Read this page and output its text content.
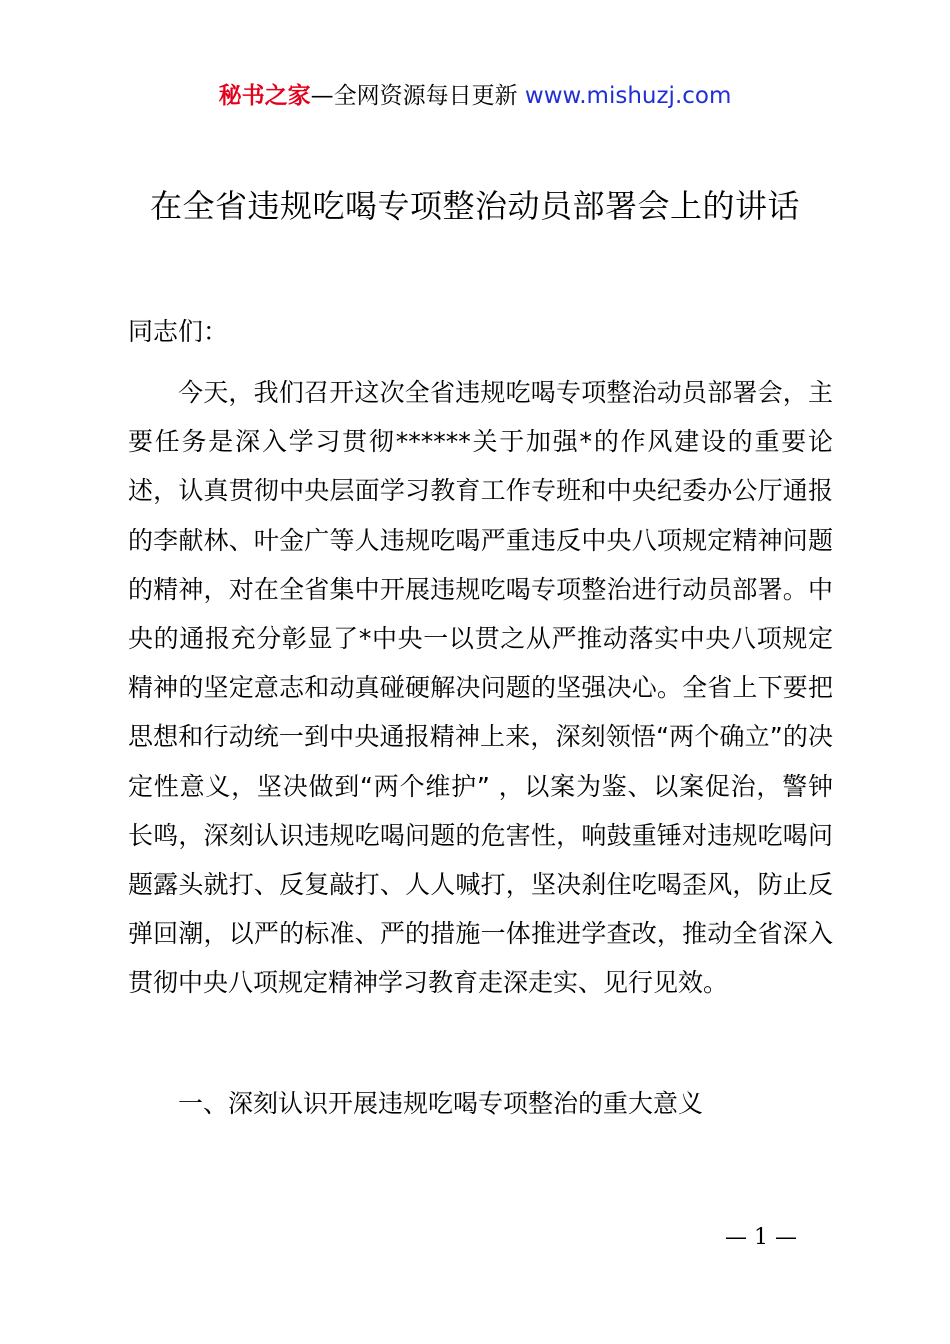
秘书之家—全网资源每日更新 www.mishuzj.com
在全省违规吃喝专项整治动员部署会上的讲话

同志们：

今天，我们召开这次全省违规吃喝专项整治动员部署会，主要任务是深入学习贯彻******关于加强*的作风建设的重要论述，认真贯彻中央层面学习教育工作专班和中央纪委办公厅通报的李献林、叶金广等人违规吃喝严重违反中央八项规定精神问题的精神，对在全省集中开展违规吃喝专项整治进行动员部署。中央的通报充分彰显了*中央一以贯之从严推动落实中央八项规定精神的坚定意志和动真碰硬解决问题的坚强决心。全省上下要把思想和行动统一到中央通报精神上来，深刻领悟“两个确立”的决定性意义，坚决做到“两个维护” ，以案为鉴、以案促治，警钟长鸣，深刻认识违规吃喝问题的危害性，响鼓重锤对违规吃喝问题露头就打、反复敲打、人人喊打，坚决刹住吃喝歪风，防止反弹回潮，以严的标准、严的措施一体推进学查改，推动全省深入贯彻中央八项规定精神学习教育走深走实、见行见效。

一、深刻认识开展违规吃喝专项整治的重大意义
— 1 —
